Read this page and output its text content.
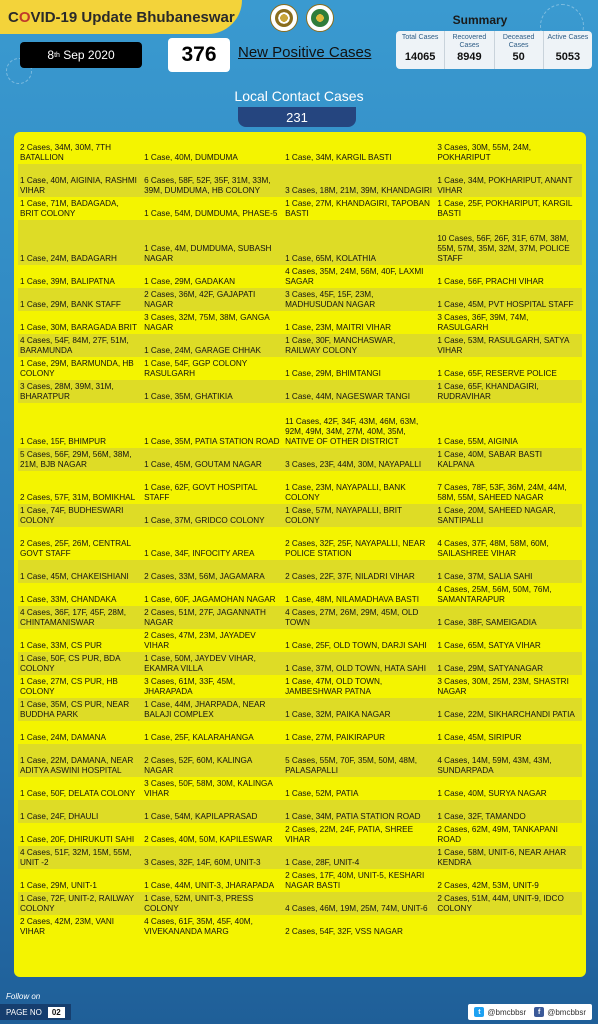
C O VID-19 Update Bhubaneswar	Summary
Total Cases
14065
Recovered Cases
8949
Deceased Cases
50
Active Cases
5053
8 th Sep 2020	376	New Positive Cases
Local Contact Cases
231
2 Cases, 34M, 30M, 7TH BATALLION	1 Case, 40M, DUMDUMA	1 Case, 34M, KARGIL BASTI	3 Cases, 30M, 55M, 24M, POKHARIPUT
1 Case, 40M, AIGINIA, RASHMI VIHAR	6 Cases, 58F, 52F, 35F, 31M, 33M, 39M, DUMDUMA, HB COLONY	3 Cases, 18M, 21M, 39M, KHANDAGIRI	1 Case, 34M, POKHARIPUT, ANANT VIHAR
1 Case, 71M, BADAGADA, BRIT COLONY	1 Case, 54M, DUMDUMA, PHASE-5	1 Case, 27M, KHANDAGIRI, TAPOBAN BASTI	1 Case, 25F, POKHARIPUT, KARGIL BASTI
1 Case, 24M, BADAGARH	1 Case, 4M, DUMDUMA, SUBASH NAGAR	1 Case, 65M, KOLATHIA	10 Cases, 56F, 26F, 31F, 67M, 38M, 55M, 57M, 35M, 32M, 37M, POLICE STAFF
1 Case, 39M, BALIPATNA	1 Case, 29M, GADAKAN	4 Cases, 35M, 24M, 56M, 40F, LAXMI SAGAR	1 Case, 56F, PRACHI VIHAR
1 Case, 29M, BANK STAFF	2 Cases, 36M, 42F, GAJAPATI NAGAR	3 Cases, 45F, 15F, 23M, MADHUSUDAN NAGAR	1 Case, 45M, PVT HOSPITAL STAFF
1 Case, 30M, BARAGADA BRIT	3 Cases, 32M, 75M, 38M, GANGA NAGAR	1 Case, 23M, MAITRI VIHAR	3 Cases, 36F, 39M, 74M, RASULGARH
4 Cases, 54F, 84M, 27F, 51M, BARAMUNDA	1 Case, 24M, GARAGE CHHAK	1 Case, 30F, MANCHASWAR, RAILWAY COLONY	1 Case, 53M, RASULGARH, SATYA VIHAR
1 Case, 29M, BARMUNDA, HB COLONY	1 Case, 54F, GGP COLONY RASULGARH	1 Case, 29M, BHIMTANGI	1 Case, 65F, RESERVE POLICE
3 Cases, 28M, 39M, 31M, BHARATPUR	1 Case, 35M, GHATIKIA	1 Case, 44M, NAGESWAR TANGI	1 Case, 65F, KHANDAGIRI, RUDRAVIHAR
1 Case, 15F, BHIMPUR	1 Case, 35M, PATIA STATION ROAD	11 Cases, 42F, 34F, 43M, 46M, 63M, 92M, 49M, 34M, 27M, 40M, 35M, NATIVE OF OTHER DISTRICT	1 Case, 55M, AIGINIA
5 Cases, 56F, 29M, 56M, 38M, 21M, BJB NAGAR	1 Case, 45M, GOUTAM NAGAR	3 Cases, 23F, 44M, 30M, NAYAPALLI	1 Case, 40M, SABAR BASTI KALPANA
2 Cases, 57F, 31M, BOMIKHAL	1 Case, 62F, GOVT HOSPITAL STAFF	1 Case, 23M, NAYAPALLI, BANK COLONY	7 Cases, 78F, 53F, 36M, 24M, 44M, 58M, 55M, SAHEED NAGAR
1 Case, 74F, BUDHESWARI COLONY	1 Case, 37M, GRIDCO COLONY	1 Case, 57M, NAYAPALLI, BRIT COLONY	1 Case, 20M, SAHEED NAGAR, SANTIPALLI
2 Cases, 25F, 26M, CENTRAL GOVT STAFF	1 Case, 34F, INFOCITY AREA	2 Cases, 32F, 25F, NAYAPALLI, NEAR POLICE STATION	4 Cases, 37F, 48M, 58M, 60M, SAILASHREE VIHAR
1 Case, 45M, CHAKEISHIANI	2 Cases, 33M, 56M, JAGAMARA	2 Cases, 22F, 37F, NILADRI VIHAR	1 Case, 37M, SALIA SAHI
1 Case, 33M, CHANDAKA	1 Case, 60F, JAGAMOHAN NAGAR	1 Case, 48M, NILAMADHAVA BASTI	4 Cases, 25M, 56M, 50M, 76M, SAMANTARAPUR
4 Cases, 36F, 17F, 45F, 28M, CHINTAMANISWAR	2 Cases, 51M, 27F, JAGANNATH NAGAR	4 Cases, 27M, 26M, 29M, 45M, OLD TOWN	1 Case, 38F, SAMEIGADIA
1 Case, 33M, CS PUR	2 Cases, 47M, 23M, JAYADEV VIHAR	1 Case, 25F, OLD TOWN, DARJI SAHI	1 Case, 65M, SATYA VIHAR
1 Case, 50F, CS PUR, BDA COLONY	1 Case, 50M, JAYDEV VIHAR, EKAMRA VILLA	1 Case, 37M, OLD TOWN, HATA SAHI	1 Case, 29M, SATYANAGAR
1 Case, 27M, CS PUR, HB COLONY	3 Cases, 61M, 33F, 45M, JHARAPADA	1 Case, 47M, OLD TOWN, JAMBESHWAR PATNA	3 Cases, 30M, 25M, 23M, SHASTRI NAGAR
1 Case, 35M, CS PUR, NEAR BUDDHA PARK	1 Case, 44M, JHARPADA, NEAR BALAJI COMPLEX	1 Case, 32M, PAIKA NAGAR	1 Case, 22M, SIKHARCHANDI PATIA
1 Case, 24M, DAMANA	1 Case, 25F, KALARAHANGA	1 Case, 27M, PAIKIRAPUR	1 Case, 45M, SIRIPUR
1 Case, 22M, DAMANA, NEAR ADITYA ASWINI HOSPITAL	2 Cases, 52F, 60M, KALINGA NAGAR	5 Cases, 55M, 70F, 35M, 50M, 48M, PALASAPALLI	4 Cases, 14M, 59M, 43M, 43M, SUNDARPADA
1 Case, 50F, DELATA COLONY	3 Cases, 50F, 58M, 30M, KALINGA VIHAR	1 Case, 52M, PATIA	1 Case, 40M, SURYA NAGAR
1 Case, 24F, DHAULI	1 Case, 54M, KAPILAPRASAD	1 Case, 34M, PATIA STATION ROAD	1 Case, 32F, TAMANDO
1 Case, 20F, DHIRUKUTI SAHI	2 Cases, 40M, 50M, KAPILESWAR	2 Cases, 22M, 24F, PATIA, SHREE VIHAR	2 Cases, 62M, 49M, TANKAPANI ROAD
4 Cases, 51F, 32M, 15M, 55M, UNIT -2	3 Cases, 32F, 14F, 60M, UNIT-3	1 Case, 28F, UNIT-4	1 Case, 58M, UNIT-6, NEAR AHAR KENDRA
1 Case, 29M, UNIT-1	1 Case, 44M, UNIT-3, JHARAPADA	2 Cases, 17F, 40M, UNIT-5, KESHARI NAGAR BASTI	2 Cases, 42M, 53M, UNIT-9
1 Case, 72F, UNIT-2, RAILWAY COLONY	1 Case, 52M, UNIT-3, PRESS COLONY	4 Cases, 46M, 19M, 25M, 74M, UNIT-6	2 Cases, 51M, 44M, UNIT-9, IDCO COLONY
2 Cases, 42M, 23M, VANI VIHAR	4 Cases, 61F, 35M, 45F, 40M, VIVEKANANDA MARG	2 Cases, 54F, 32F, VSS NAGAR	
Follow on
PAGE NO	02	t @bmcbbsr	f @bmcbbsr
